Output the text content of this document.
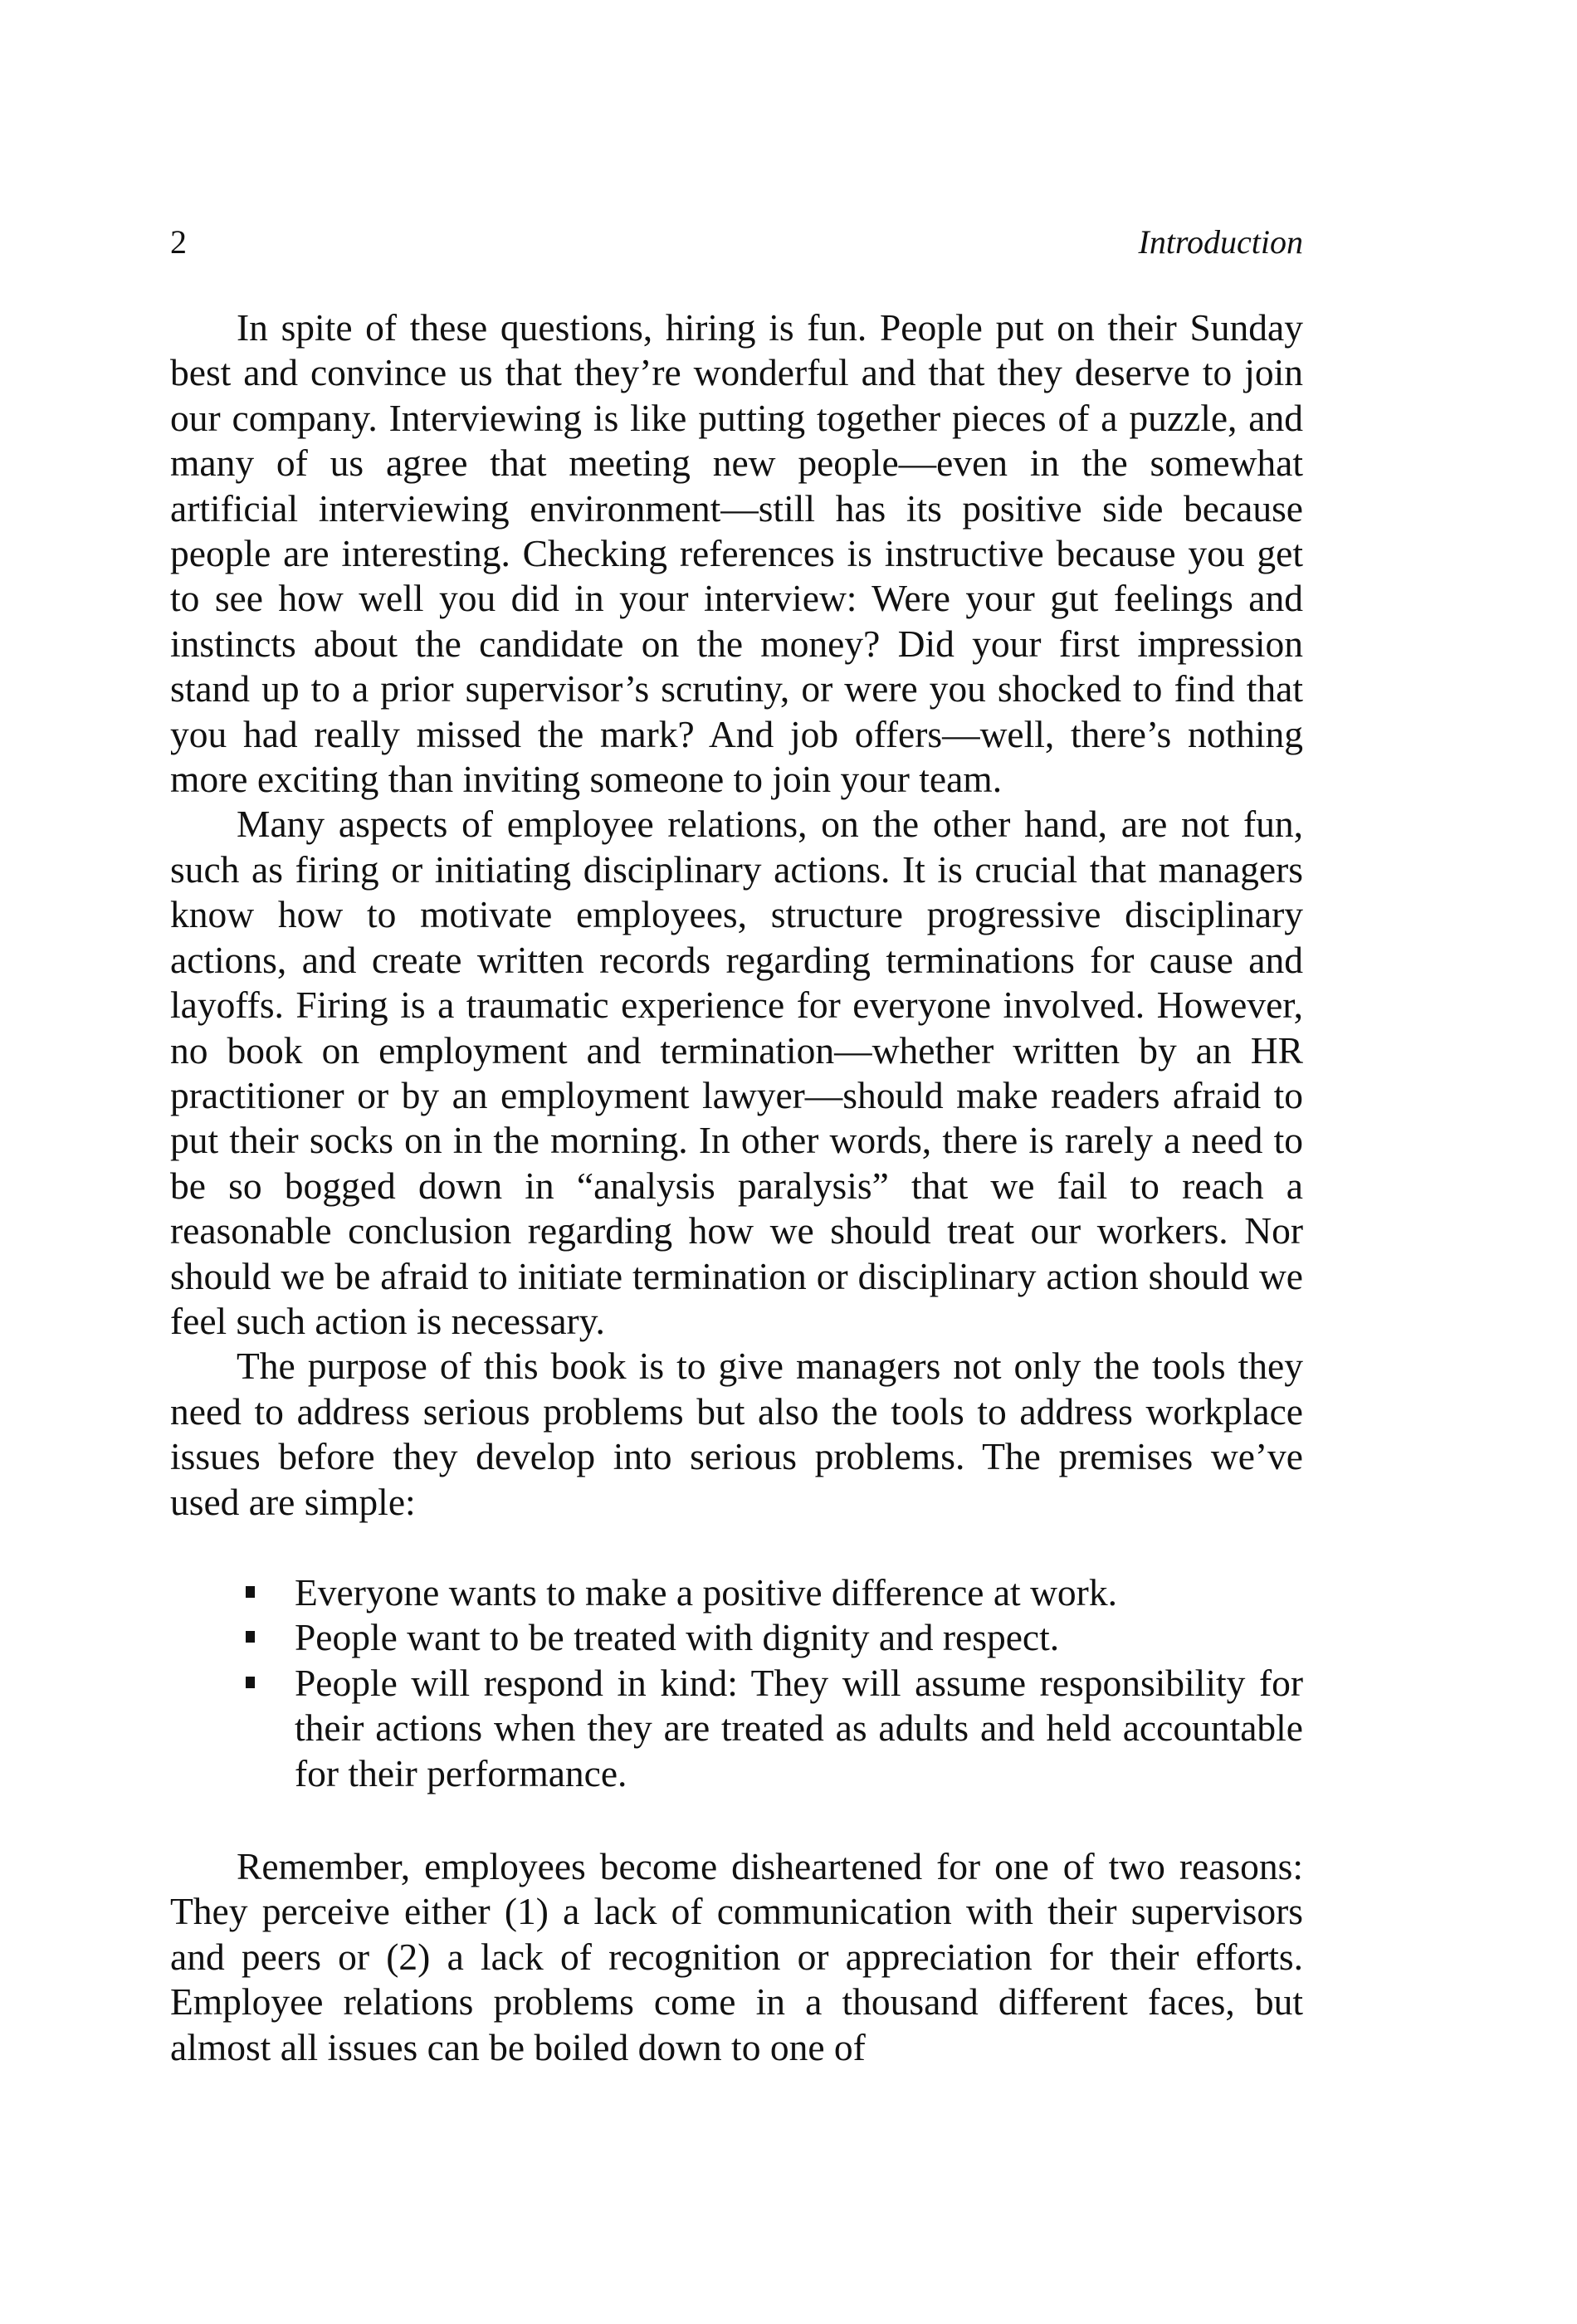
2	Introduction

In spite of these questions, hiring is fun. People put on their Sunday best and convince us that they’re wonderful and that they deserve to join our company. Interviewing is like putting together pieces of a puzzle, and many of us agree that meeting new people—even in the somewhat artificial interviewing environment—still has its positive side because people are interesting. Checking references is instructive because you get to see how well you did in your interview: Were your gut feelings and instincts about the candidate on the money? Did your first impression stand up to a prior supervisor’s scrutiny, or were you shocked to find that you had really missed the mark? And job offers—well, there’s nothing more exciting than inviting someone to join your team.

Many aspects of employee relations, on the other hand, are not fun, such as firing or initiating disciplinary actions. It is crucial that managers know how to motivate employees, structure progressive disciplinary actions, and create written records regarding terminations for cause and layoffs. Firing is a traumatic experience for everyone involved. However, no book on employment and termination—whether written by an HR practitioner or by an employment lawyer—should make readers afraid to put their socks on in the morning. In other words, there is rarely a need to be so bogged down in “analysis paralysis” that we fail to reach a reasonable conclusion regarding how we should treat our workers. Nor should we be afraid to initiate termination or disciplinary action should we feel such action is necessary.

The purpose of this book is to give managers not only the tools they need to address serious problems but also the tools to address workplace issues before they develop into serious problems. The premises we’ve used are simple:

Everyone wants to make a positive difference at work.
People want to be treated with dignity and respect.
People will respond in kind: They will assume responsibility for their actions when they are treated as adults and held accountable for their performance.

Remember, employees become disheartened for one of two reasons: They perceive either (1) a lack of communication with their supervisors and peers or (2) a lack of recognition or appreciation for their efforts. Employee relations problems come in a thousand different faces, but almost all issues can be boiled down to one of
